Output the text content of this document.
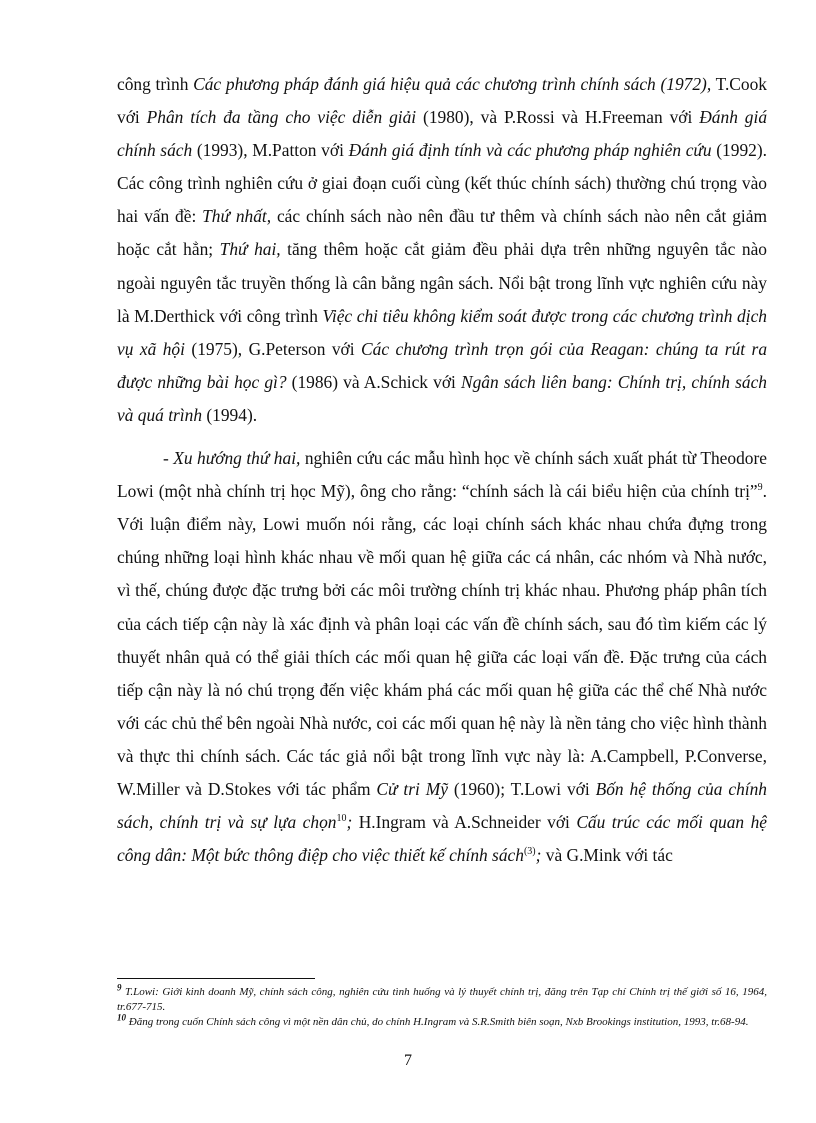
công trình Các phương pháp đánh giá hiệu quả các chương trình chính sách (1972), T.Cook với Phân tích đa tầng cho việc diễn giải (1980), và P.Rossi và H.Freeman với Đánh giá chính sách (1993), M.Patton với Đánh giá định tính và các phương pháp nghiên cứu (1992). Các công trình nghiên cứu ở giai đoạn cuối cùng (kết thúc chính sách) thường chú trọng vào hai vấn đề: Thứ nhất, các chính sách nào nên đầu tư thêm và chính sách nào nên cắt giảm hoặc cắt hẳn; Thứ hai, tăng thêm hoặc cắt giảm đều phải dựa trên những nguyên tắc nào ngoài nguyên tắc truyền thống là cân bằng ngân sách. Nổi bật trong lĩnh vực nghiên cứu này là M.Derthick với công trình Việc chi tiêu không kiểm soát được trong các chương trình dịch vụ xã hội (1975), G.Peterson với Các chương trình trọn gói của Reagan: chúng ta rút ra được những bài học gì? (1986) và A.Schick với Ngân sách liên bang: Chính trị, chính sách và quá trình (1994).

- Xu hướng thứ hai, nghiên cứu các mẫu hình học về chính sách xuất phát từ Theodore Lowi (một nhà chính trị học Mỹ), ông cho rằng: “chính sách là cái biểu hiện của chính trị”$^9$. Với luận điểm này, Lowi muốn nói rằng, các loại chính sách khác nhau chứa đựng trong chúng những loại hình khác nhau về mối quan hệ giữa các cá nhân, các nhóm và Nhà nước, vì thế, chúng được đặc trưng bởi các môi trường chính trị khác nhau. Phương pháp phân tích của cách tiếp cận này là xác định và phân loại các vấn đề chính sách, sau đó tìm kiếm các lý thuyết nhân quả có thể giải thích các mối quan hệ giữa các loại vấn đề. Đặc trưng của cách tiếp cận này là nó chú trọng đến việc khám phá các mối quan hệ giữa các thể chế Nhà nước với các chủ thể bên ngoài Nhà nước, coi các mối quan hệ này là nền tảng cho việc hình thành và thực thi chính sách. Các tác giả nổi bật trong lĩnh vực này là: A.Campbell, P.Converse, W.Miller và D.Stokes với tác phẩm Cử tri Mỹ (1960); T.Lowi với Bốn hệ thống của chính sách, chính trị và sự lựa chọn$^{10}$; H.Ingram và A.Schneider với Cấu trúc các mối quan hệ công dân: Một bức thông điệp cho việc thiết kế chính sách$^{(3)}$; và G.Mink với tác

$^9$ T.Lowi: Giới kinh doanh Mỹ, chính sách công, nghiên cứu tình huống và lý thuyết chính trị, đăng trên Tạp chí Chính trị thế giới số 16, 1964, tr.677-715.

$^{10}$ Đăng trong cuốn Chính sách công vì một nền dân chủ, do chính H.Ingram và S.R.Smith biên soạn, Nxb Brookings institution, 1993, tr.68-94.

7
